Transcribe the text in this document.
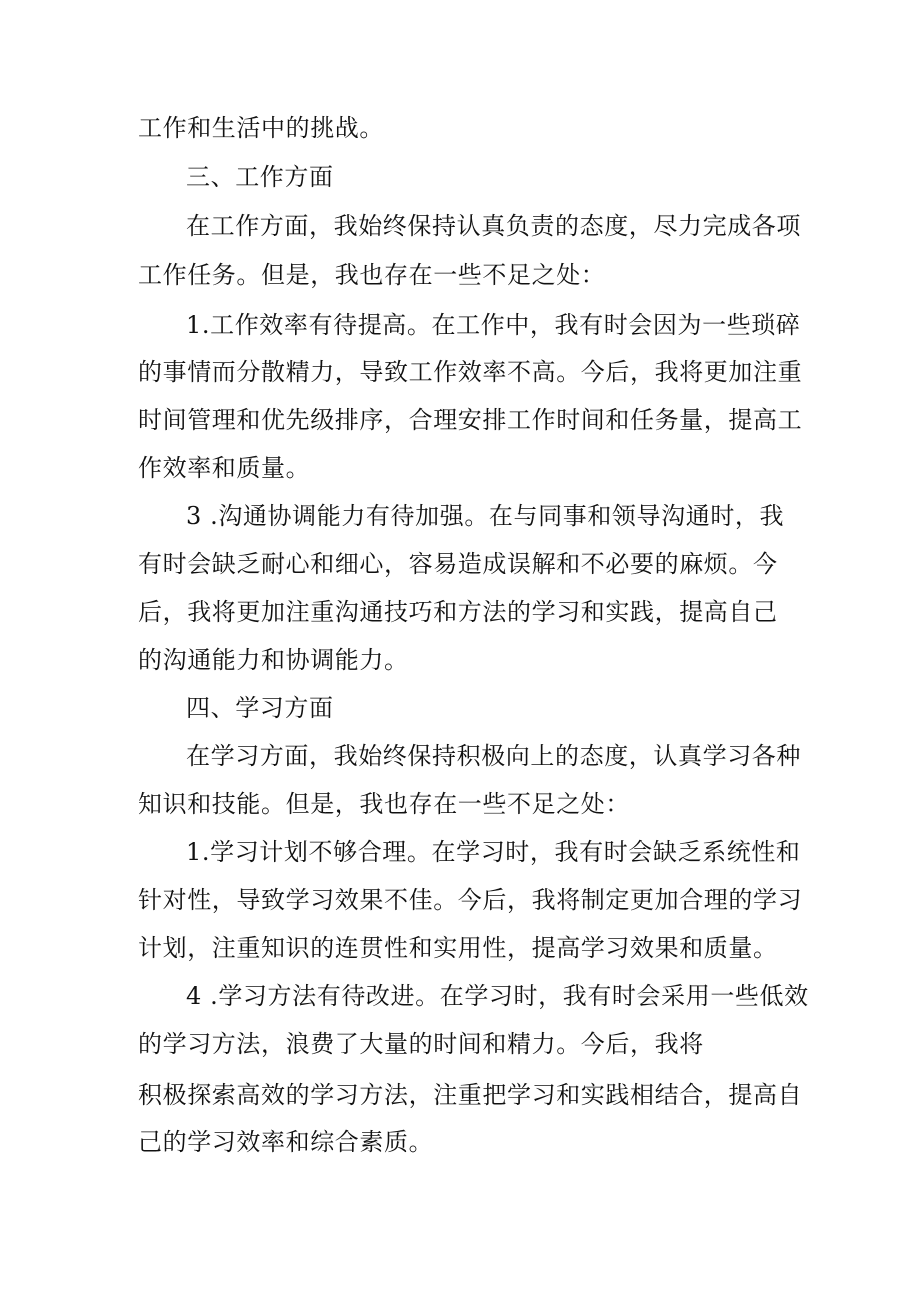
工作和生活中的挑战。

三、工作方面

在工作方面，我始终保持认真负责的态度，尽力完成各项

工作任务。但是，我也存在一些不足之处：

1.工作效率有待提高。在工作中，我有时会因为一些琐碎

的事情而分散精力，导致工作效率不高。今后，我将更加注重

时间管理和优先级排序，合理安排工作时间和任务量，提高工

作效率和质量。

3 .沟通协调能力有待加强。在与同事和领导沟通时，我

有时会缺乏耐心和细心，容易造成误解和不必要的麻烦。今

后，我将更加注重沟通技巧和方法的学习和实践，提高自己

的沟通能力和协调能力。

四、学习方面

在学习方面，我始终保持积极向上的态度，认真学习各种

知识和技能。但是，我也存在一些不足之处：

1.学习计划不够合理。在学习时，我有时会缺乏系统性和

针对性，导致学习效果不佳。今后，我将制定更加合理的学习

计划，注重知识的连贯性和实用性，提高学习效果和质量。

4 .学习方法有待改进。在学习时，我有时会采用一些低效

的学习方法，浪费了大量的时间和精力。今后，我将

积极探索高效的学习方法，注重把学习和实践相结合，提高自

己的学习效率和综合素质。
